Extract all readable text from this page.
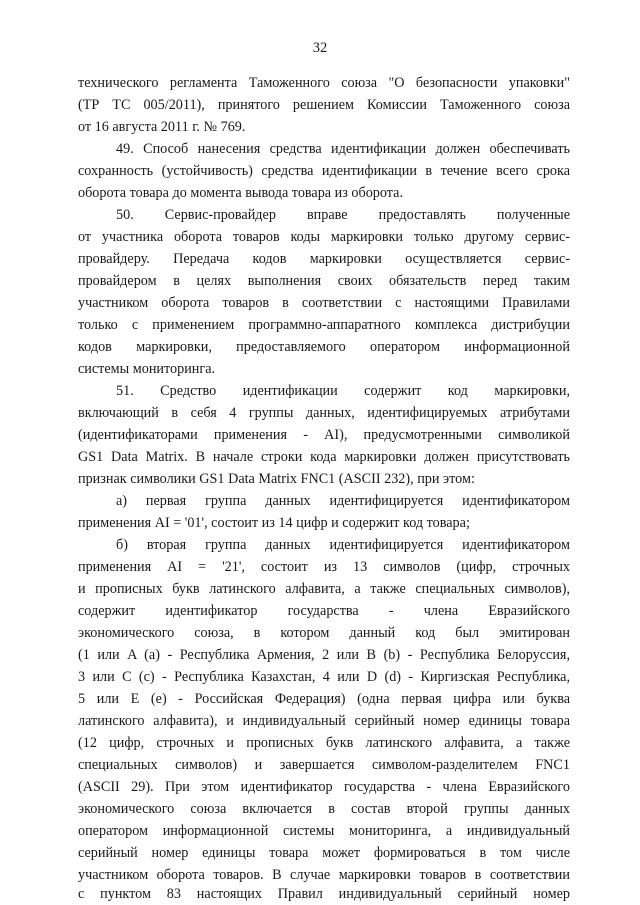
32
технического регламента Таможенного союза "О безопасности упаковки"
(ТР ТС 005/2011), принятого решением Комиссии Таможенного союза
от 16 августа 2011 г. № 769.
49. Способ нанесения средства идентификации должен обеспечивать
сохранность (устойчивость) средства идентификации в течение всего срока
оборота товара до момента вывода товара из оборота.
50. Сервис-провайдер вправе предоставлять полученные
от участника оборота товаров коды маркировки только другому сервис-
провайдеру. Передача кодов маркировки осуществляется сервис-
провайдером в целях выполнения своих обязательств перед таким
участником оборота товаров в соответствии с настоящими Правилами
только с применением программно-аппаратного комплекса дистрибуции
кодов маркировки, предоставляемого оператором информационной
системы мониторинга.
51. Средство идентификации содержит код маркировки,
включающий в себя 4 группы данных, идентифицируемых атрибутами
(идентификаторами применения - AI), предусмотренными символикой
GS1 Data Matrix. В начале строки кода маркировки должен присутствовать
признак символики GS1 Data Matrix FNC1 (ASCII 232), при этом:
а) первая группа данных идентифицируется идентификатором
применения AI = '01', состоит из 14 цифр и содержит код товара;
б) вторая группа данных идентифицируется идентификатором
применения AI = '21', состоит из 13 символов (цифр, строчных
и прописных букв латинского алфавита, а также специальных символов),
содержит идентификатор государства - члена Евразийского
экономического союза, в котором данный код был эмитирован
(1 или A (a) - Республика Армения, 2 или B (b) - Республика Белоруссия,
3 или C (c) - Республика Казахстан, 4 или D (d) - Киргизская Республика,
5 или E (e) - Российская Федерация) (одна первая цифра или буква
латинского алфавита), и индивидуальный серийный номер единицы товара
(12 цифр, строчных и прописных букв латинского алфавита, а также
специальных символов) и завершается символом-разделителем FNC1
(ASCII 29). При этом идентификатор государства - члена Евразийского
экономического союза включается в состав второй группы данных
оператором информационной системы мониторинга, а индивидуальный
серийный номер единицы товара может формироваться в том числе
участником оборота товаров. В случае маркировки товаров в соответствии
с пунктом 83 настоящих Правил индивидуальный серийный номер
